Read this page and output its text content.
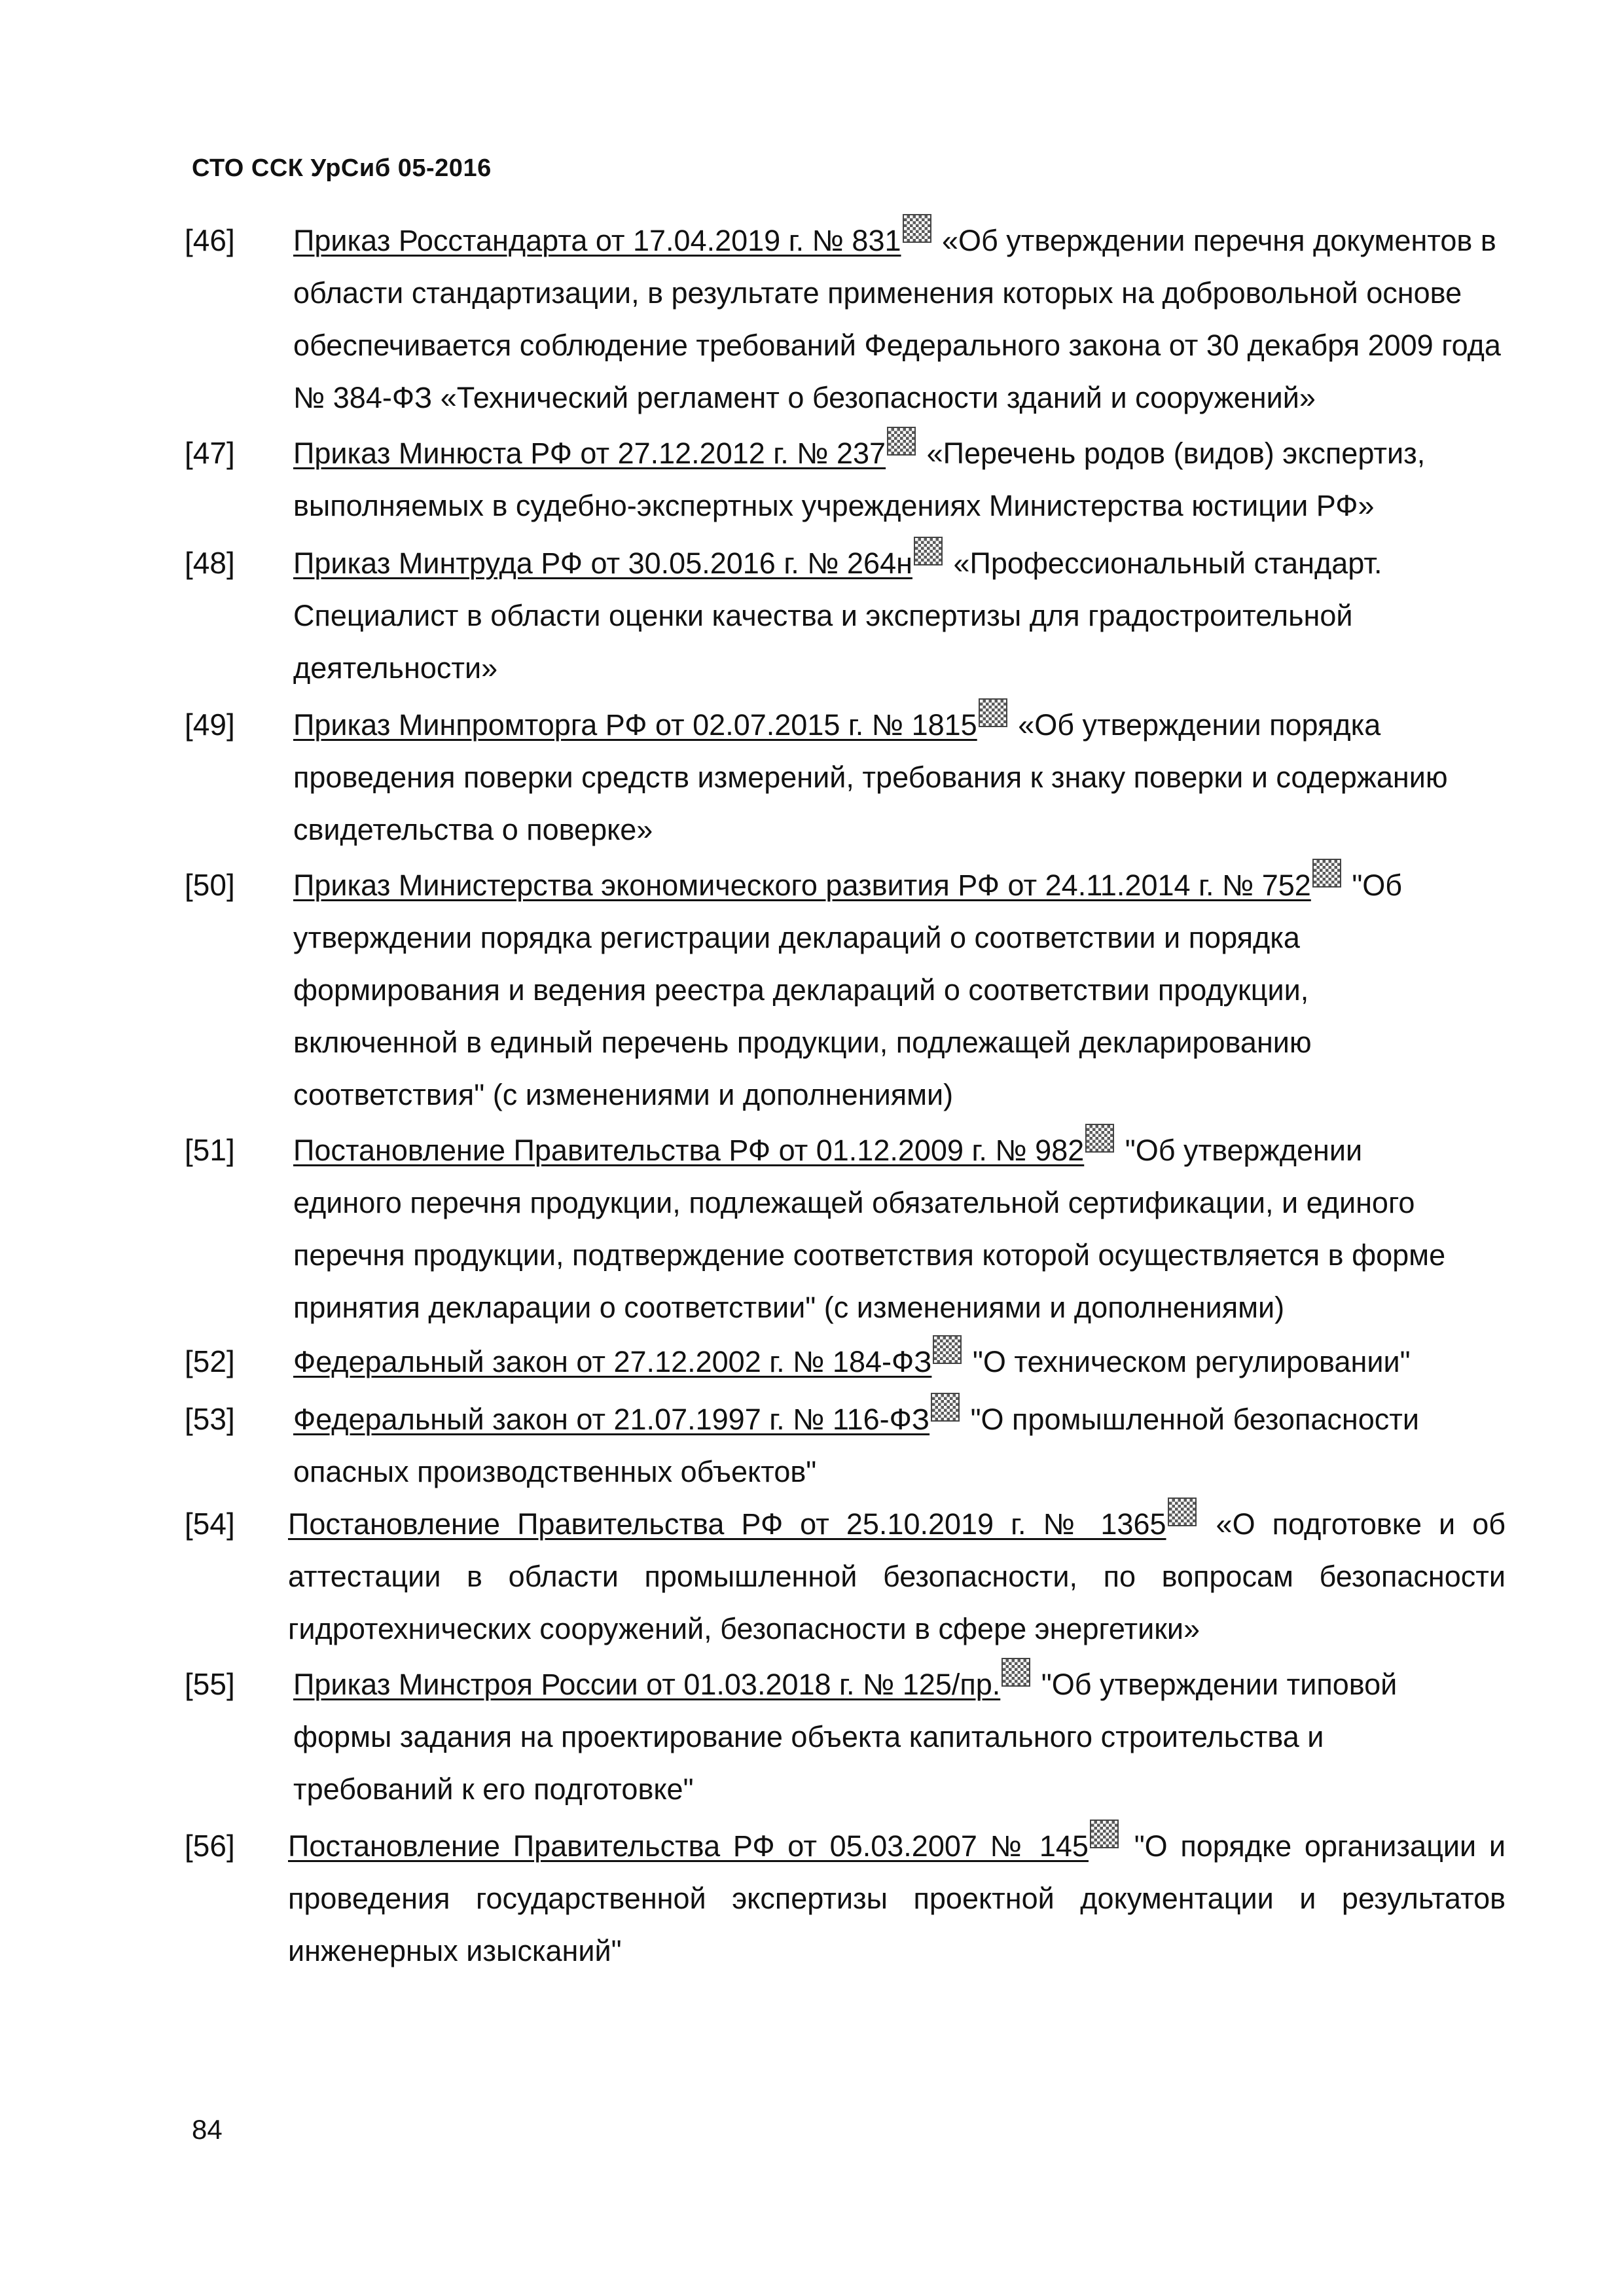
СТО ССК УрСиб 05-2016
[46] Приказ Росстандарта от 17.04.2019 г. № 831 «Об утверждении перечня документов в области стандартизации, в результате применения которых на добровольной основе обеспечивается соблюдение требований Федерального закона от 30 декабря 2009 года № 384-ФЗ «Технический регламент о безопасности зданий и сооружений»
[47] Приказ Минюста РФ от 27.12.2012 г. № 237 «Перечень родов (видов) экспертиз, выполняемых в судебно-экспертных учреждениях Министерства юстиции РФ»
[48] Приказ Минтруда РФ от 30.05.2016 г. № 264н «Профессиональный стандарт. Специалист в области оценки качества и экспертизы для градостроительной деятельности»
[49] Приказ Минпромторга РФ от 02.07.2015 г. № 1815 «Об утверждении порядка проведения поверки средств измерений, требования к знаку поверки и содержанию свидетельства о поверке»
[50] Приказ Министерства экономического развития РФ от 24.11.2014 г. № 752 "Об утверждении порядка регистрации деклараций о соответствии и порядка формирования и ведения реестра деклараций о соответствии продукции, включенной в единый перечень продукции, подлежащей декларированию соответствия" (с изменениями и дополнениями)
[51] Постановление Правительства РФ от 01.12.2009 г. № 982 "Об утверждении единого перечня продукции, подлежащей обязательной сертификации, и единого перечня продукции, подтверждение соответствия которой осуществляется в форме принятия декларации о соответствии" (с изменениями и дополнениями)
[52] Федеральный закон от 27.12.2002 г. № 184-ФЗ "О техническом регулировании"
[53] Федеральный закон от 21.07.1997 г. № 116-ФЗ "О промышленной безопасности опасных производственных объектов"
[54] Постановление Правительства РФ от 25.10.2019 г. № 1365 «О подготовке и об аттестации в области промышленной безопасности, по вопросам безопасности гидротехнических сооружений, безопасности в сфере энергетики»
[55] Приказ Минстроя России от 01.03.2018 г. № 125/пр. "Об утверждении типовой формы задания на проектирование объекта капитального строительства и требований к его подготовке"
[56] Постановление Правительства РФ от 05.03.2007 № 145 "О порядке организации и проведения государственной экспертизы проектной документации и результатов инженерных изысканий"
84
